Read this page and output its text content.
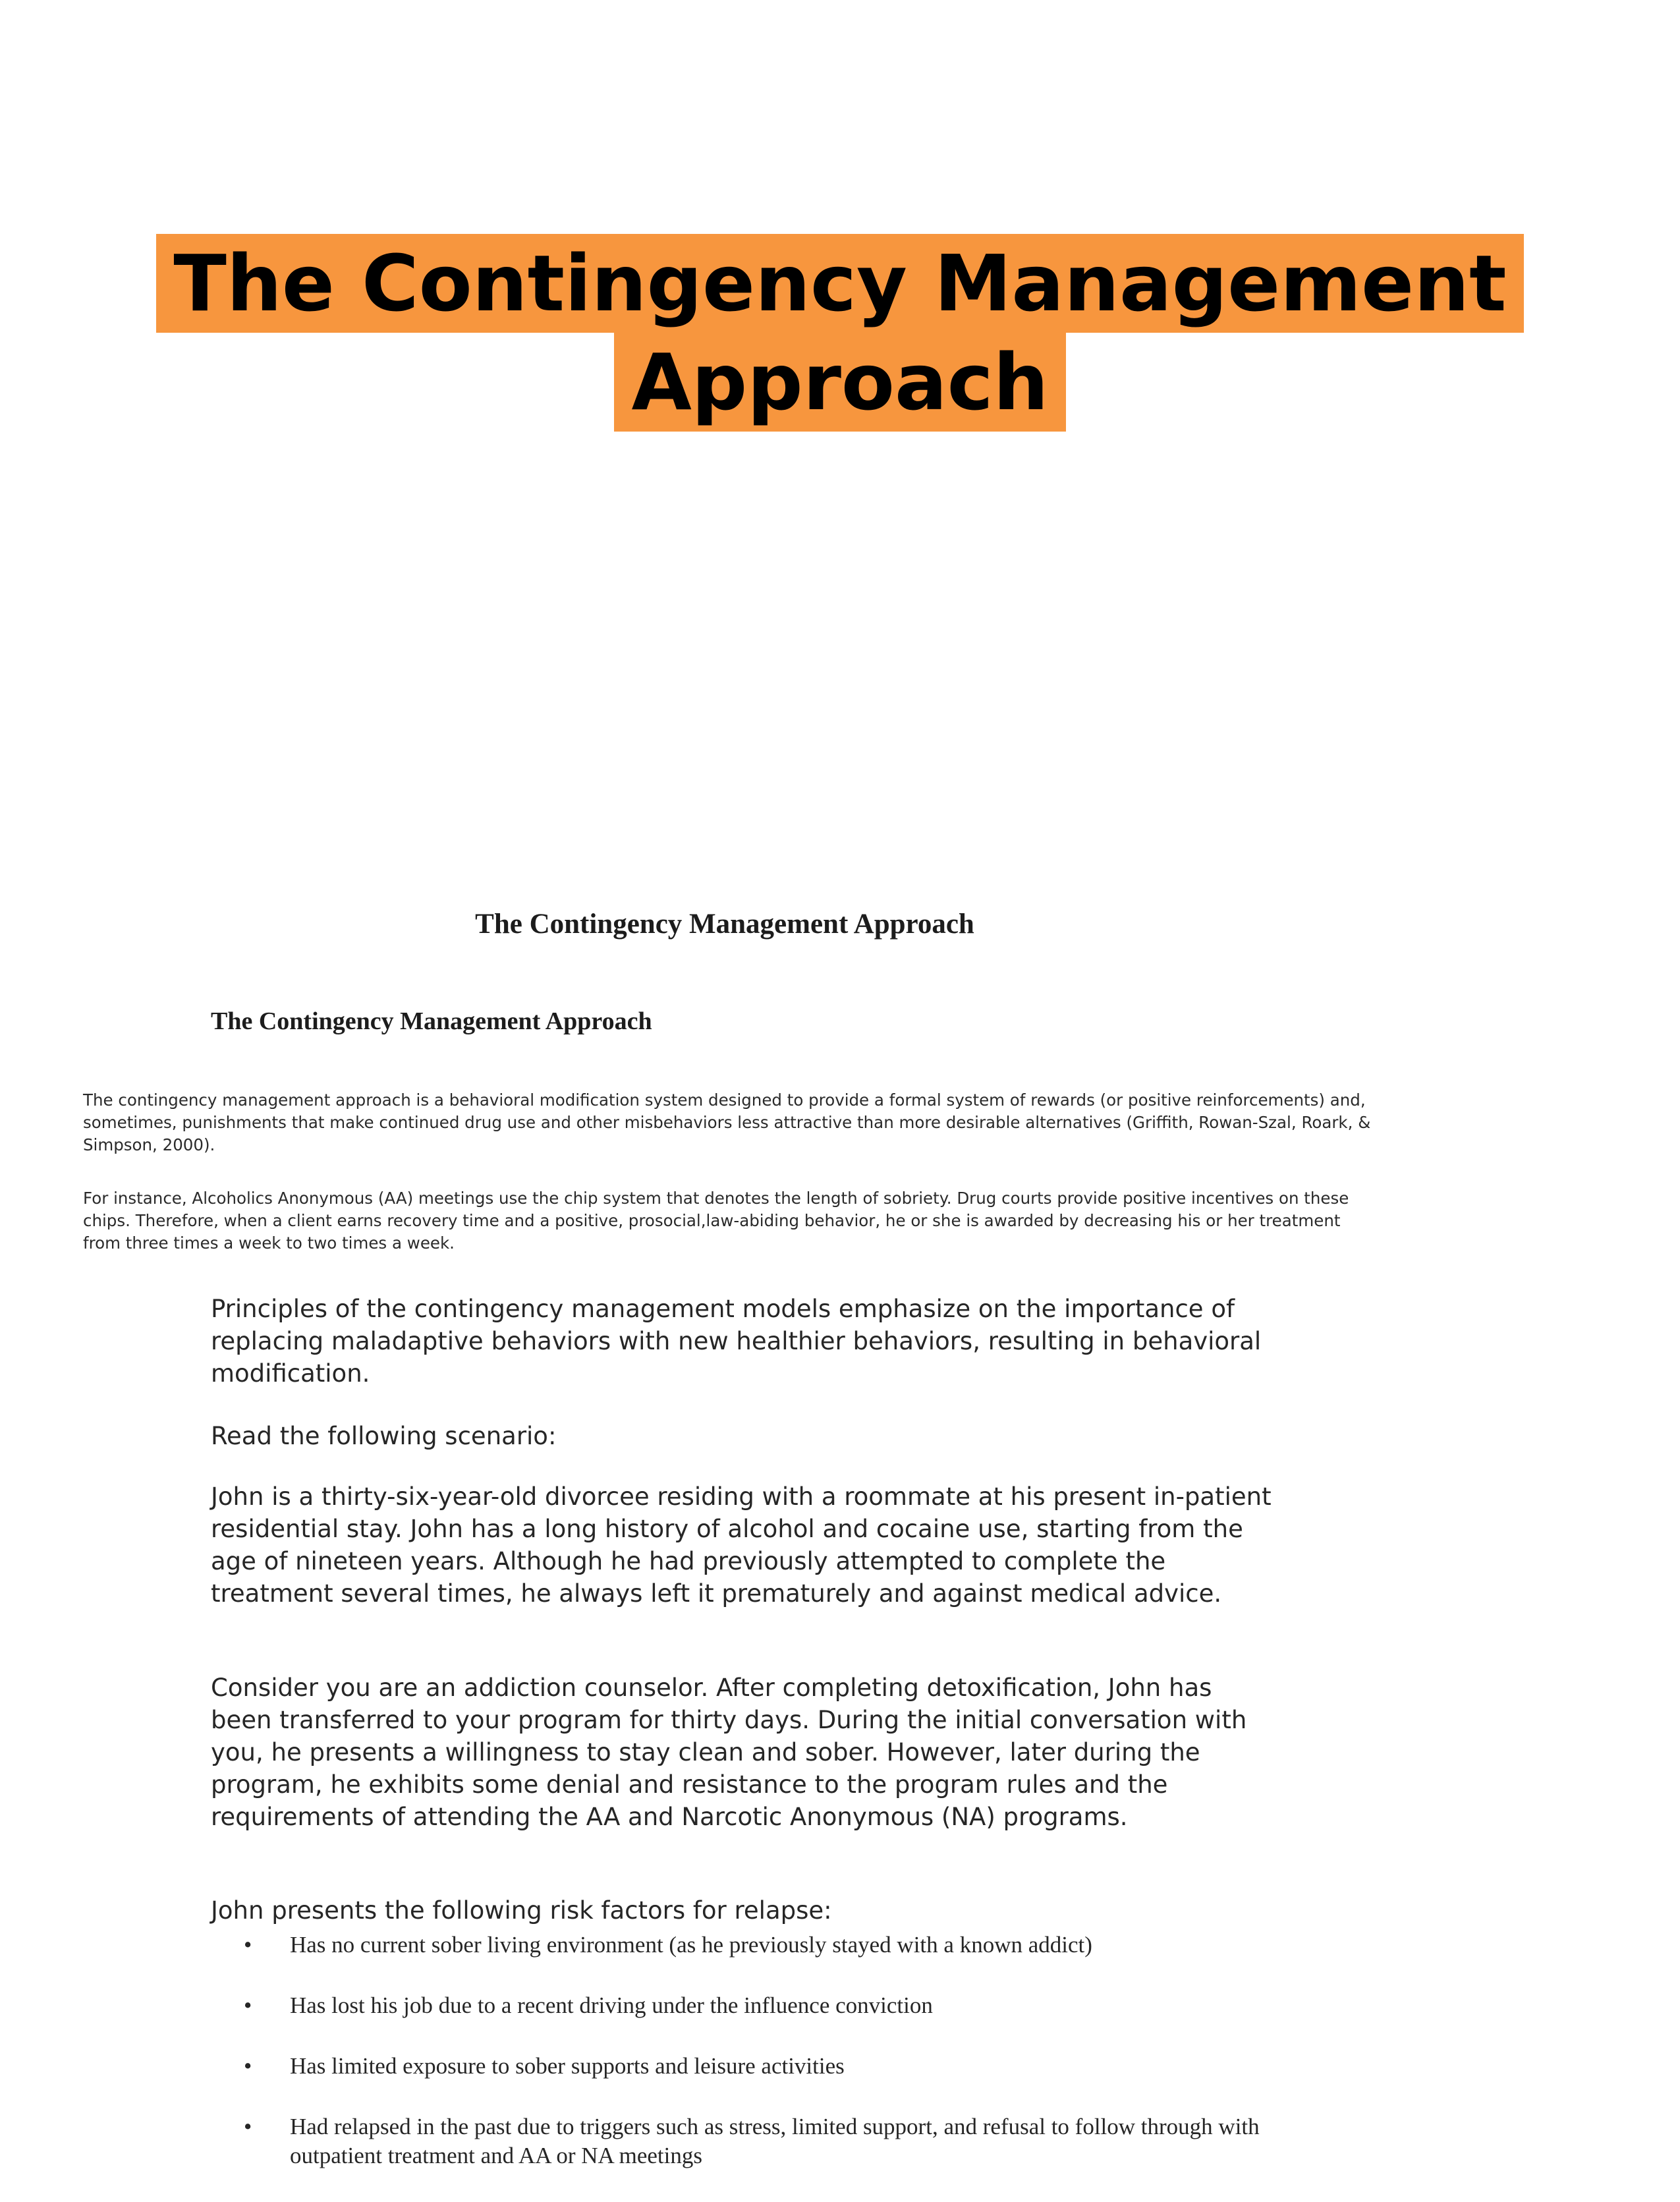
The Contingency Management
Approach
The Contingency Management Approach
The Contingency Management Approach

The contingency management approach is a behavioral modification system designed to provide a formal system of rewards (or positive reinforcements) and, sometimes, punishments that make continued drug use and other misbehaviors less attractive than more desirable alternatives (Griffith, Rowan-Szal, Roark, & Simpson, 2000).

For instance, Alcoholics Anonymous (AA) meetings use the chip system that denotes the length of sobriety. Drug courts provide positive incentives on these chips. Therefore, when a client earns recovery time and a positive, prosocial,law-abiding behavior, he or she is awarded by decreasing his or her treatment from three times a week to two times a week.

Principles of the contingency management models emphasize on the importance of replacing maladaptive behaviors with new healthier behaviors, resulting in behavioral modification.

Read the following scenario:

John is a thirty-six-year-old divorcee residing with a roommate at his present in-patient residential stay. John has a long history of alcohol and cocaine use, starting from the age of nineteen years. Although he had previously attempted to complete the treatment several times, he always left it prematurely and against medical advice.

Consider you are an addiction counselor. After completing detoxification, John has been transferred to your program for thirty days. During the initial conversation with you, he presents a willingness to stay clean and sober. However, later during the program, he exhibits some denial and resistance to the program rules and the requirements of attending the AA and Narcotic Anonymous (NA) programs.

John presents the following risk factors for relapse:

• Has no current sober living environment (as he previously stayed with a known addict)
• Has lost his job due to a recent driving under the influence conviction
• Has limited exposure to sober supports and leisure activities
• Had relapsed in the past due to triggers such as stress, limited support, and refusal to follow through with outpatient treatment and AA or NA meetings
